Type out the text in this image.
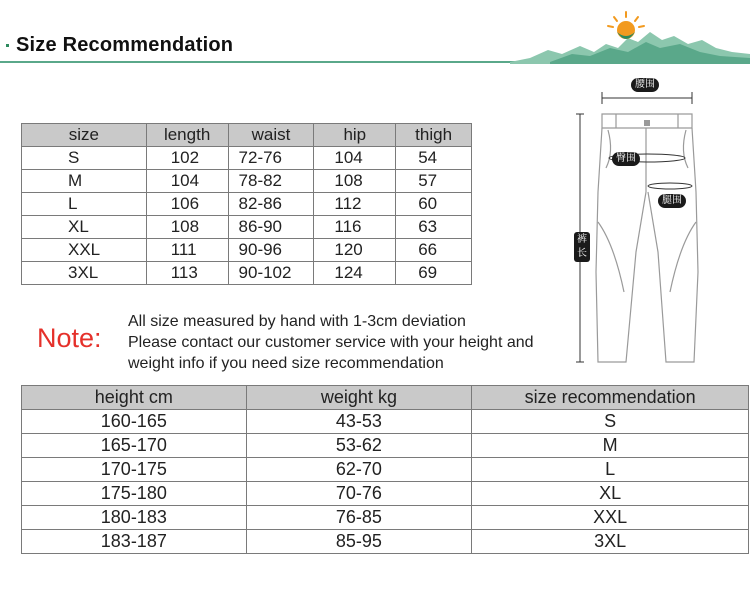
Size Recommendation
size	length	waist	hip	thigh
S	102	72-76	104	54
M	104	78-82	108	57
L	106	82-86	112	60
XL	108	86-90	116	63
XXL	111	90-96	120	66
3XL	113	90-102	124	69
腰围
臀围
腿围
裤
长
Note:
All size measured by hand with 1-3cm deviation
Please contact our customer service with your height and
weight info if you need size recommendation
height cm	weight kg	size recommendation
160-165	43-53	S
165-170	53-62	M
170-175	62-70	L
175-180	70-76	XL
180-183	76-85	XXL
183-187	85-95	3XL
